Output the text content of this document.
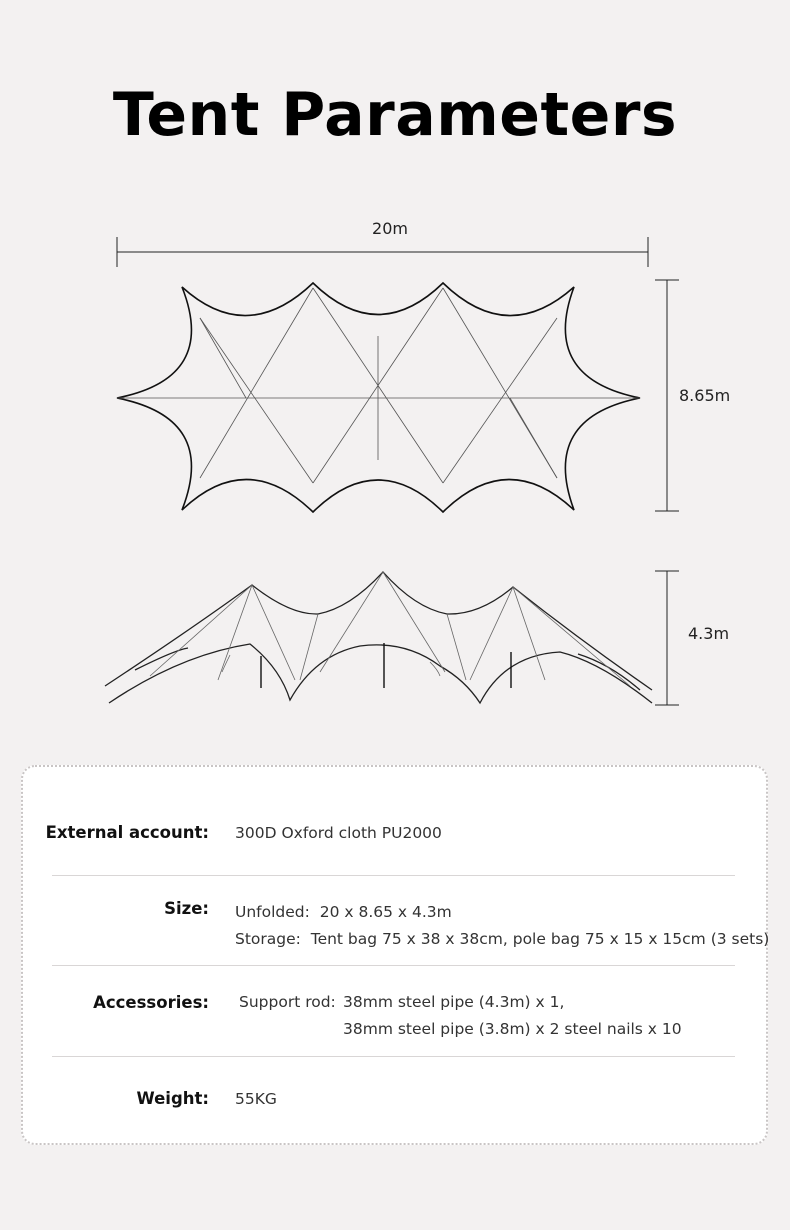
Tent Parameters
20m
8.65m
4.3m
External account: 300D Oxford cloth PU2000
Size: Unfolded: 20 x 8.65 x 4.3m
Storage: Tent bag 75 x 38 x 38cm, pole bag 75 x 15 x 15cm (3 sets)
Accessories: Support rod: 38mm steel pipe (4.3m) x 1,
38mm steel pipe (3.8m) x 2 steel nails x 10
Weight: 55KG
